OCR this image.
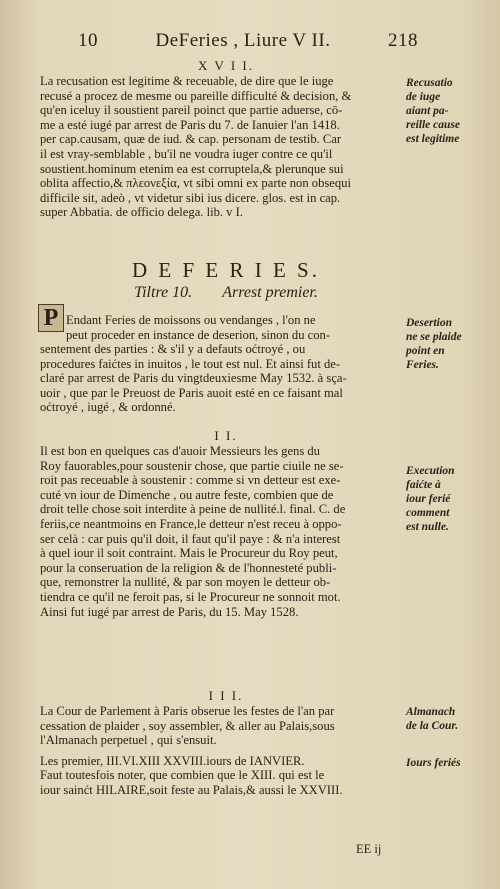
10	DeFeries , Liure V II.	218
X V I I.
La recusation est legitime & receuable, de dire que le iuge
recusé a procez de mesme ou pareille difficulté & decision, &
qu'en iceluy il soustient pareil poinct que partie aduerse, cō-
me a esté iugé par arrest de Paris du 7. de Ianuier l'an 1418.
per cap.causam, quæ de iud. & cap. personam de testib. Car
il est vray-semblable , bu'il ne voudra iuger contre ce qu'il
soustient.hominum etenim ea est corruptela,& plerunque sui
oblita affectio,& πλεονεξία, vt sibi omni ex parte non obsequi
difficile sit, adeò , vt videtur sibi ius dicere. glos. est in cap.
super Abbatia. de officio delega. lib. v I.
Recusatio
de iuge
aiant pa-
reille cause
est legitime
D E F E R I E S.
Tiltre 10. Arrest premier.
P Endant Feries de moissons ou vendanges , l'on ne
peut proceder en instance de deserion, sinon du con-
sentement des parties : & s'il y a defauts oćtroyé , ou
procedures faićtes in inuitos , le tout est nul. Et ainsi fut de-
claré par arrest de Paris du vingtdeuxiesme May 1532. à sça-
uoir , que par le Preuost de Paris auoit esté en ce faisant mal
oćtroyé , iugé , & ordonné.
Desertion
ne se plaide
point en
Feries.
I I.
Il est bon en quelques cas d'auoir Messieurs les gens du
Roy fauorables,pour soustenir chose, que partie ciuile ne se-
roit pas receuable à soustenir : comme si vn detteur est exe-
cuté vn iour de Dimenche , ou autre feste, combien que de
droit telle chose soit interdite à peine de nullité.l. final. C. de
feriis,ce neantmoins en France,le detteur n'est receu à oppo-
ser celà : car puis qu'il doit, il faut qu'il paye : & n'a interest
à quel iour il soit contraint. Mais le Procureur du Roy peut,
pour la conseruation de la religion & de l'honnesteté publi-
que, remonstrer la nullité, & par son moyen le detteur ob-
tiendra ce qu'il ne feroit pas, si le Procureur ne sonnoit mot.
Ainsi fut iugé par arrest de Paris, du 15. May 1528.
Execution
faićte à
iour ferié
comment
est nulle.
I I I.
La Cour de Parlement à Paris obserue les festes de l'an par
cessation de plaider , soy assembler, & aller au Palais,sous
l'Almanach perpetuel , qui s'ensuit.
Les premier, III.VI.XIII XXVIII.iours de IANVIER.
Faut toutesfois noter, que combien que le XIII. qui est le
iour sainćt HILAIRE,soit feste au Palais,& aussi le XXVIII.
Almanach
de la Cour.
Iours feriés
EE ij
